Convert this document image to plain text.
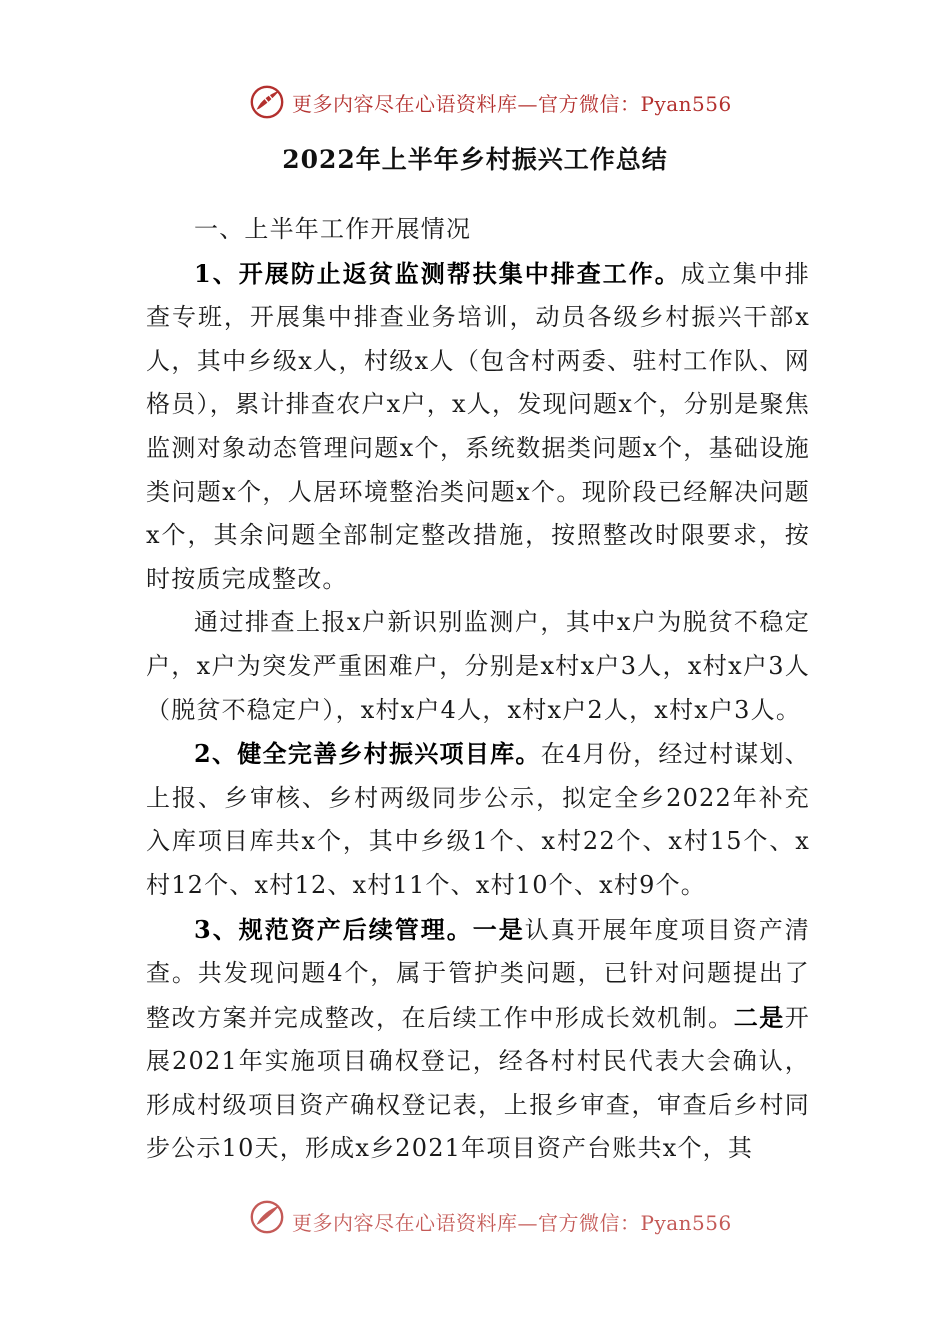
更多内容尽在心语资料库—官方微信：Pyan556
2022年上半年乡村振兴工作总结

一、上半年工作开展情况

1、开展防止返贫监测帮扶集中排查工作。成立集中排查专班，开展集中排查业务培训，动员各级乡村振兴干部x人，其中乡级x人，村级x人（包含村两委、驻村工作队、网格员），累计排查农户x户，x人，发现问题x个，分别是聚焦监测对象动态管理问题x个，系统数据类问题x个，基础设施类问题x个，人居环境整治类问题x个。现阶段已经解决问题x个，其余问题全部制定整改措施，按照整改时限要求，按时按质完成整改。

通过排查上报x户新识别监测户，其中x户为脱贫不稳定户，x户为突发严重困难户，分别是x村x户3人，x村x户3人（脱贫不稳定户），x村x户4人，x村x户2人，x村x户3人。

2、健全完善乡村振兴项目库。在4月份，经过村谋划、上报、乡审核、乡村两级同步公示，拟定全乡2022年补充入库项目库共x个，其中乡级1个、x村22个、x村15个、x村12个、x村12、x村11个、x村10个、x村9个。

3、规范资产后续管理。一是认真开展年度项目资产清查。共发现问题4个，属于管护类问题，已针对问题提出了整改方案并完成整改，在后续工作中形成长效机制。二是开展2021年实施项目确权登记，经各村村民代表大会确认，形成村级项目资产确权登记表，上报乡审查，审查后乡村同步公示10天，形成x乡2021年项目资产台账共x个，其

更多内容尽在心语资料库—官方微信：Pyan556
